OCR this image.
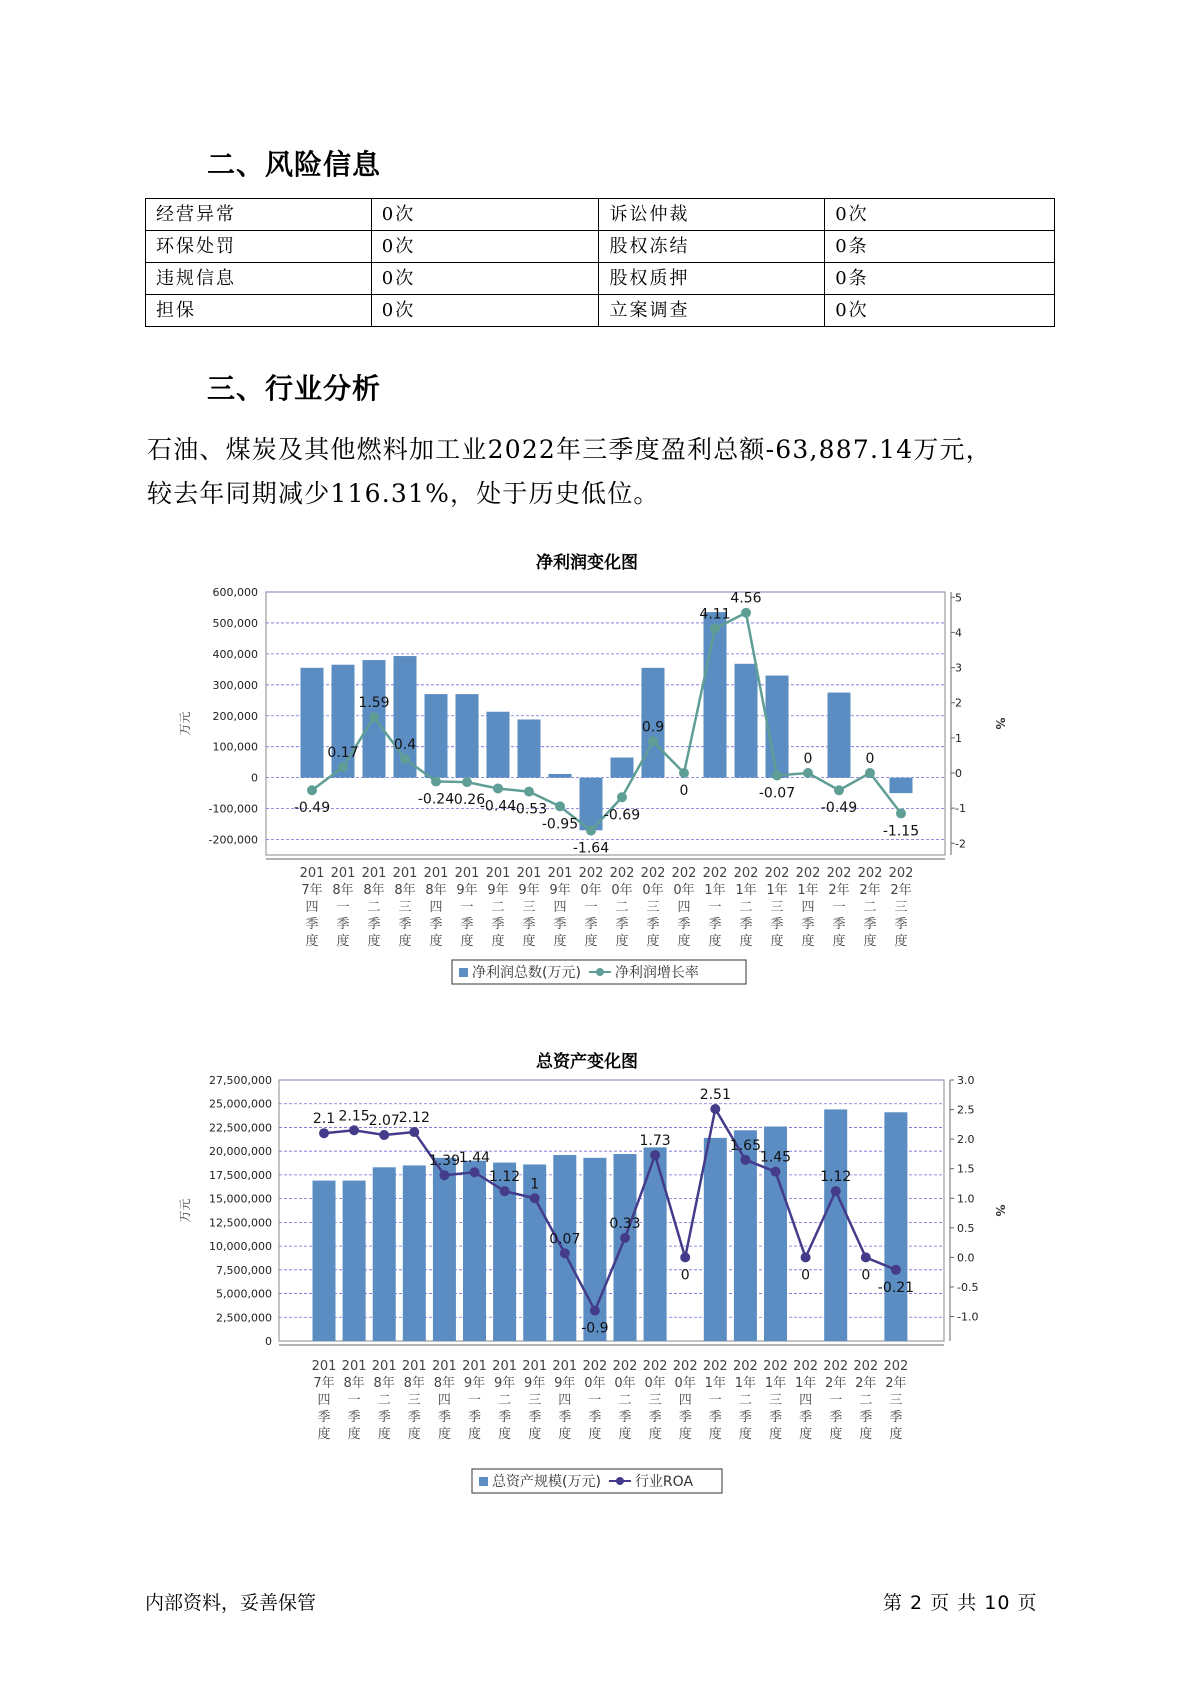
二、风险信息
经营异常	0次	诉讼仲裁	0次
环保处罚	0次	股权冻结	0条
违规信息	0次	股权质押	0条
担保	0次	立案调查	0次
三、行业分析
石油、煤炭及其他燃料加工业2022年三季度盈利总额-63,887.14万元，
较去年同期减少116.31%，处于历史低位。
净利润变化图
-200,000
-100,000
0
100,000
200,000
300,000
400,000
500,000
600,000
-2
-1
0
1
2
3
4
5
万元	%
-0.49
0.17
1.59
0.4
-0.24
-0.26
-0.44
-0.53
-0.95
-1.64
-0.69
0.9
0
4.11
4.56
-0.07
0
-0.49
0
-1.15
201
7年
四
季
度
201
8年
一
季
度
201
8年
二
季
度
201
8年
三
季
度
201
8年
四
季
度
201
9年
一
季
度
201
9年
二
季
度
201
9年
三
季
度
201
9年
四
季
度
202
0年
一
季
度
202
0年
二
季
度
202
0年
三
季
度
202
0年
四
季
度
202
1年
一
季
度
202
1年
二
季
度
202
1年
三
季
度
202
1年
四
季
度
202
2年
一
季
度
202
2年
二
季
度
202
2年
三
季
度
净利润总数(万元) 净利润增长率
总资产变化图
0
2,500,000
5,000,000
7,500,000
10,000,000
12,500,000
15,000,000
17,500,000
20,000,000
22,500,000
25,000,000
27,500,000
-1.0
-0.5
0.0
0.5
1.0
1.5
2.0
2.5
3.0
万元	%
2.1 2.15
2.07
2.12
1.39
1.44
1.12 1
0.07
-0.9
0.33
1.73
0
2.51
1.65
1.45
0
1.12
0
-0.21
201
7年
四
季
度
201
8年
一
季
度
201
8年
二
季
度
201
8年
三
季
度
201
8年
四
季
度
201
9年
一
季
度
201
9年
二
季
度
201
9年
三
季
度
201
9年
四
季
度
202
0年
一
季
度
202
0年
二
季
度
202
0年
三
季
度
202
0年
四
季
度
202
1年
一
季
度
202
1年
二
季
度
202
1年
三
季
度
202
1年
四
季
度
202
2年
一
季
度
202
2年
二
季
度
202
2年
三
季
度
总资产规模(万元) 行业ROA
内部资料，妥善保管	第 2 页 共 10 页
